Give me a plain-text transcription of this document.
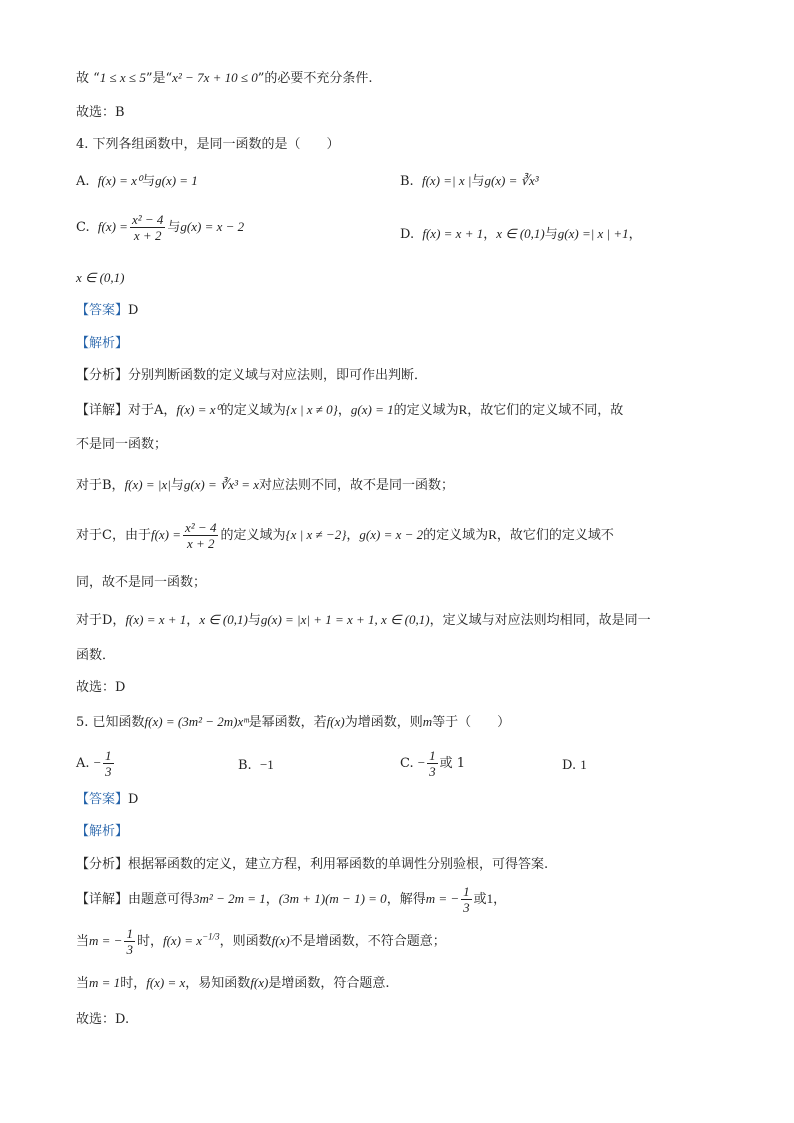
故 “1 ≤ x ≤ 5”是“x² − 7x + 10 ≤ 0”的必要不充分条件.
故选：B
4. 下列各组函数中，是同一函数的是（　　）
A. f(x) = x⁰与g(x) = 1	B. f(x) =| x |与g(x) = ∛x³
C. $f(x) = \frac{\text{x² − 4}}{x + 2}$ 与g(x) = x − 2
D. f(x) = x + 1，x ∈ (0,1)与g(x) =| x | +1，
x ∈ (0,1)
【答案】D
【解析】
【分析】分别判断函数的定义域与对应法则，即可作出判断．
【详解】对于A，f(x) = x⁰的定义域为{x | x ≠ 0}，g(x) = 1的定义域为R，故它们的定义域不同，故
不是同一函数；
对于B，f(x) = |x|与g(x) = ∛x³ = x对应法则不同，故不是同一函数；
对于C，由于$f(x) = \frac{\text{x² − 4}}{x + 2}$ 的定义域为{x | x ≠ −2}，g(x) = x − 2的定义域为R，故它们的定义域不
同，故不是同一函数；
对于D，f(x) = x + 1，x ∈ (0,1)与g(x) = |x| + 1 = x + 1, x ∈ (0,1)，定义域与对应法则均相同，故是同一
函数．
故选：D
5. 已知函数f(x) = (3m² − 2m)xᵐ是幂函数，若f(x)为增函数，则m等于（　　）
A. − $\frac{1}{3}$	B. −1	C. − $\frac{1}{3}$ 或 1	D. 1
【答案】D
【解析】
【分析】根据幂函数的定义，建立方程，利用幂函数的单调性分别验根，可得答案.
【详解】由题意可得3m² − 2m = 1，(3m + 1)(m − 1) = 0，解得m = − $\frac{1}{3}$ 或1，
当m = − $\frac{1}{3}$ 时，$f(x) = x^{-1/3}$，则函数f(x)不是增函数，不符合题意；
当m = 1时，f(x) = x，易知函数f(x)是增函数，符合题意.
故选：D.
